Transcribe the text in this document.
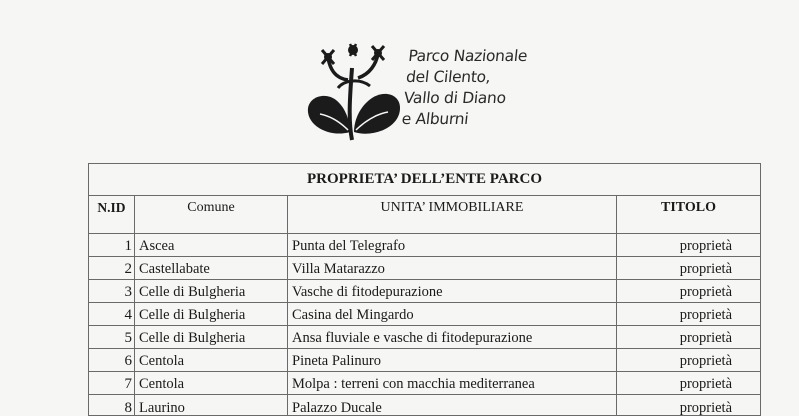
Parco Nazionale
del Cilento,
Vallo di Diano
e Alburni
PROPRIETA’ DELL’ENTE PARCO			
N.ID	Comune	UNITA’ IMMOBILIARE	TITOLO
1	Ascea	Punta del Telegrafo	proprietà
2	Castellabate	Villa Matarazzo	proprietà
3	Celle di Bulgheria	Vasche di fitodepurazione	proprietà
4	Celle di Bulgheria	Casina del Mingardo	proprietà
5	Celle di Bulgheria	Ansa fluviale e vasche di fitodepurazione	proprietà
6	Centola	Pineta Palinuro	proprietà
7	Centola	Molpa : terreni con macchia mediterranea	proprietà
8	Laurino	Palazzo Ducale	proprietà
